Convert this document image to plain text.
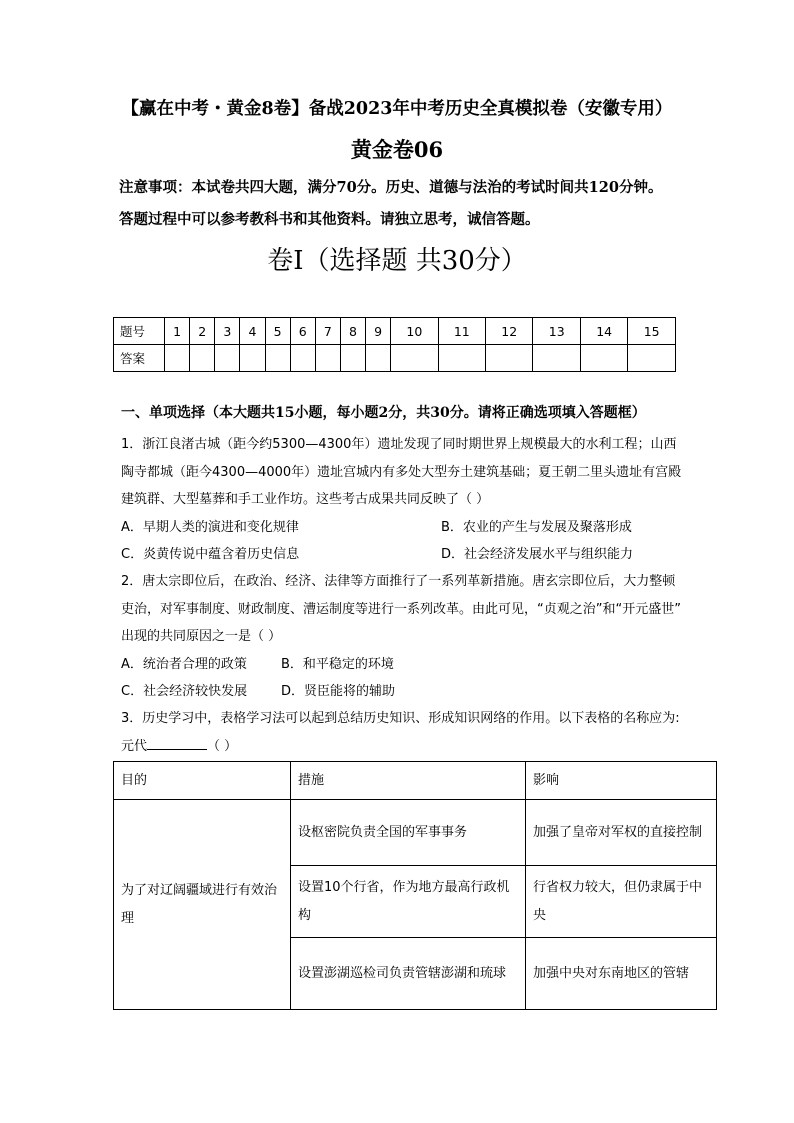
【赢在中考・黄金8卷】备战2023年中考历史全真模拟卷（安徽专用）
黄金卷06
注意事项：本试卷共四大题，满分70分。历史、道德与法治的考试时间共120分钟。
答题过程中可以参考教科书和其他资料。请独立思考，诚信答题。
卷Ⅰ（选择题 共30分）
题号	1	2	3	4	5	6	7	8	9	10	11	12	13	14	15
答案															
一、单项选择（本大题共15小题，每小题2分，共30分。请将正确选项填入答题框）

1．浙江良渚古城（距今约5300—4300年）遗址发现了同时期世界上规模最大的水利工程；山西

陶寺都城（距今4300—4000年）遗址宫城内有多处大型夯土建筑基础；夏王朝二里头遗址有宫殿

建筑群、大型墓葬和手工业作坊。这些考古成果共同反映了（ ）

A．早期人类的演进和变化规律	B．农业的产生与发展及聚落形成
C．炎黄传说中蕴含着历史信息	D．社会经济发展水平与组织能力

2．唐太宗即位后，在政治、经济、法律等方面推行了一系列革新措施。唐玄宗即位后，大力整顿

吏治，对军事制度、财政制度、漕运制度等进行一系列改革。由此可见，“贞观之治”和“开元盛世”

出现的共同原因之一是（ ）

A．统治者合理的政策	B．和平稳定的环境
C．社会经济较快发展	D．贤臣能将的辅助

3．历史学习中，表格学习法可以起到总结历史知识、形成知识网络的作用。以下表格的名称应为:

元代	（ ）

目的	措施	影响
为了对辽阔疆域进行有效治理	设枢密院负责全国的军事事务	加强了皇帝对军权的直接控制
	设置10个行省，作为地方最高行政机构	行省权力较大，但仍隶属于中央
	设置澎湖巡检司负责管辖澎湖和琉球	加强中央对东南地区的管辖
